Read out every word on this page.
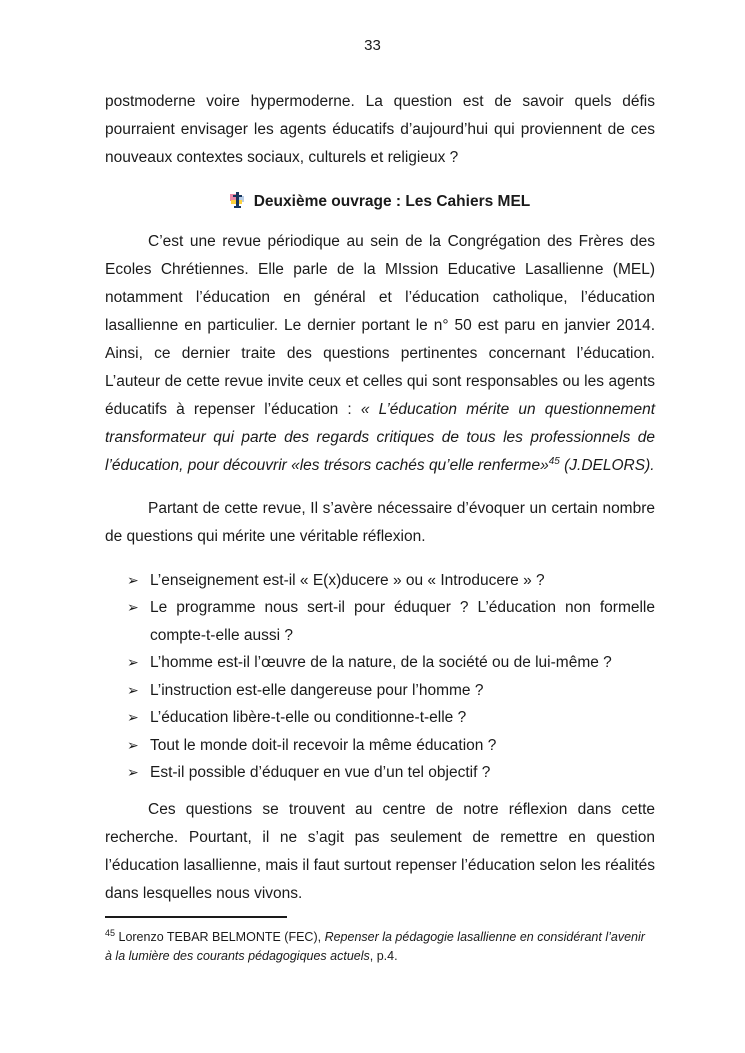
33

postmoderne voire hypermoderne. La question est de savoir quels défis pourraient envisager les agents éducatifs d’aujourd’hui qui proviennent de ces nouveaux contextes sociaux, culturels et religieux ?

Deuxième ouvrage : Les Cahiers MEL

C’est une revue périodique au sein de la Congrégation des Frères des Ecoles Chrétiennes. Elle parle de la MIssion Educative Lasallienne (MEL) notamment l’éducation en général et l’éducation catholique, l’éducation lasallienne en particulier. Le dernier portant le n° 50 est paru en janvier 2014. Ainsi, ce dernier traite des questions pertinentes concernant l’éducation. L’auteur de cette revue invite ceux et celles qui sont responsables ou les agents éducatifs à repenser l’éducation : « L’éducation mérite un questionnement transformateur qui parte des regards critiques de tous les professionnels de l’éducation, pour découvrir «les trésors cachés qu’elle renferme»$^{45}$ (J.DELORS).

Partant de cette revue, Il s’avère nécessaire d’évoquer un certain nombre de questions qui mérite une véritable réflexion.

➢ L’enseignement est-il « E(x)ducere » ou « Introducere » ?
➢ Le programme nous sert-il pour éduquer ? L’éducation non formelle compte-t-elle aussi ?
➢ L’homme est-il l’œuvre de la nature, de la société ou de lui-même ?
➢ L’instruction est-elle dangereuse pour l’homme ?
➢ L’éducation libère-t-elle ou conditionne-t-elle ?
➢ Tout le monde doit-il recevoir la même éducation ?
➢ Est-il possible d’éduquer en vue d’un tel objectif ?

Ces questions se trouvent au centre de notre réflexion dans cette recherche. Pourtant, il ne s’agit pas seulement de remettre en question l’éducation lasallienne, mais il faut surtout repenser l’éducation selon les réalités dans lesquelles nous vivons.

$^{45}$ Lorenzo TEBAR BELMONTE (FEC), Repenser la pédagogie lasallienne en considérant l’avenir à la lumière des courants pédagogiques actuels, p.4.
